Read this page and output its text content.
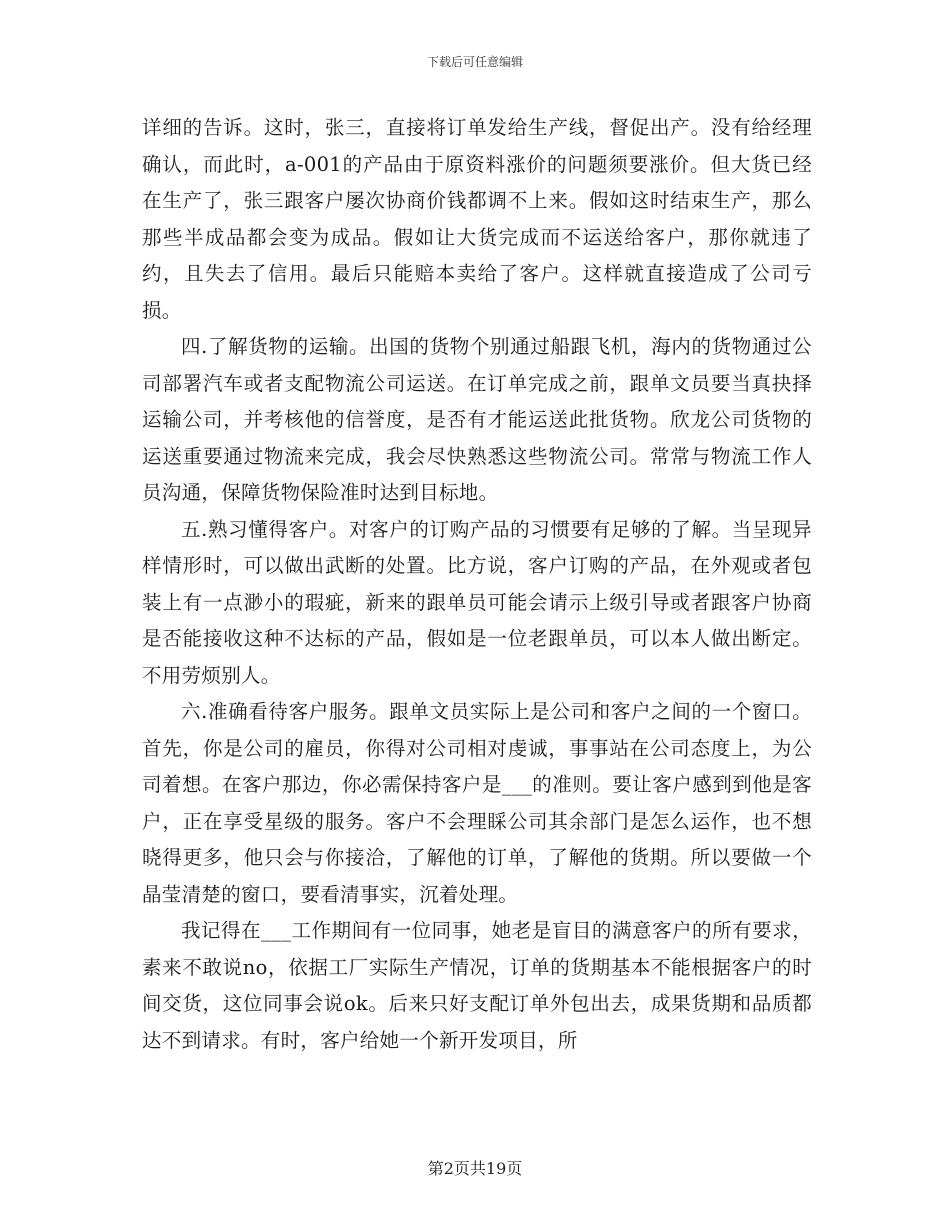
下载后可任意编辑

详细的告诉。这时，张三，直接将订单发给生产线，督促出产。没有给经理确认，而此时，a-001的产品由于原资料涨价的问题须要涨价。但大货已经在生产了，张三跟客户屡次协商价钱都调不上来。假如这时结束生产，那么那些半成品都会变为成品。假如让大货完成而不运送给客户，那你就违了约，且失去了信用。最后只能赔本卖给了客户。这样就直接造成了公司亏损。

四.了解货物的运输。出国的货物个别通过船跟飞机，海内的货物通过公司部署汽车或者支配物流公司运送。在订单完成之前，跟单文员要当真抉择运输公司，并考核他的信誉度，是否有才能运送此批货物。欣龙公司货物的运送重要通过物流来完成，我会尽快熟悉这些物流公司。常常与物流工作人员沟通，保障货物保险准时达到目标地。

五.熟习懂得客户。对客户的订购产品的习惯要有足够的了解。当呈现异样情形时，可以做出武断的处置。比方说，客户订购的产品，在外观或者包装上有一点渺小的瑕疵，新来的跟单员可能会请示上级引导或者跟客户协商是否能接收这种不达标的产品，假如是一位老跟单员，可以本人做出断定。不用劳烦别人。

六.准确看待客户服务。跟单文员实际上是公司和客户之间的一个窗口。首先，你是公司的雇员，你得对公司相对虔诚，事事站在公司态度上，为公司着想。在客户那边，你必需保持客户是___的准则。要让客户感到到他是客户，正在享受星级的服务。客户不会理睬公司其余部门是怎么运作，也不想晓得更多，他只会与你接洽，了解他的订单，了解他的货期。所以要做一个晶莹清楚的窗口，要看清事实，沉着处理。

我记得在___工作期间有一位同事，她老是盲目的满意客户的所有要求，素来不敢说no，依据工厂实际生产情况，订单的货期基本不能根据客户的时间交货，这位同事会说ok。后来只好支配订单外包出去，成果货期和品质都达不到请求。有时，客户给她一个新开发项目，所

第2页共19页
